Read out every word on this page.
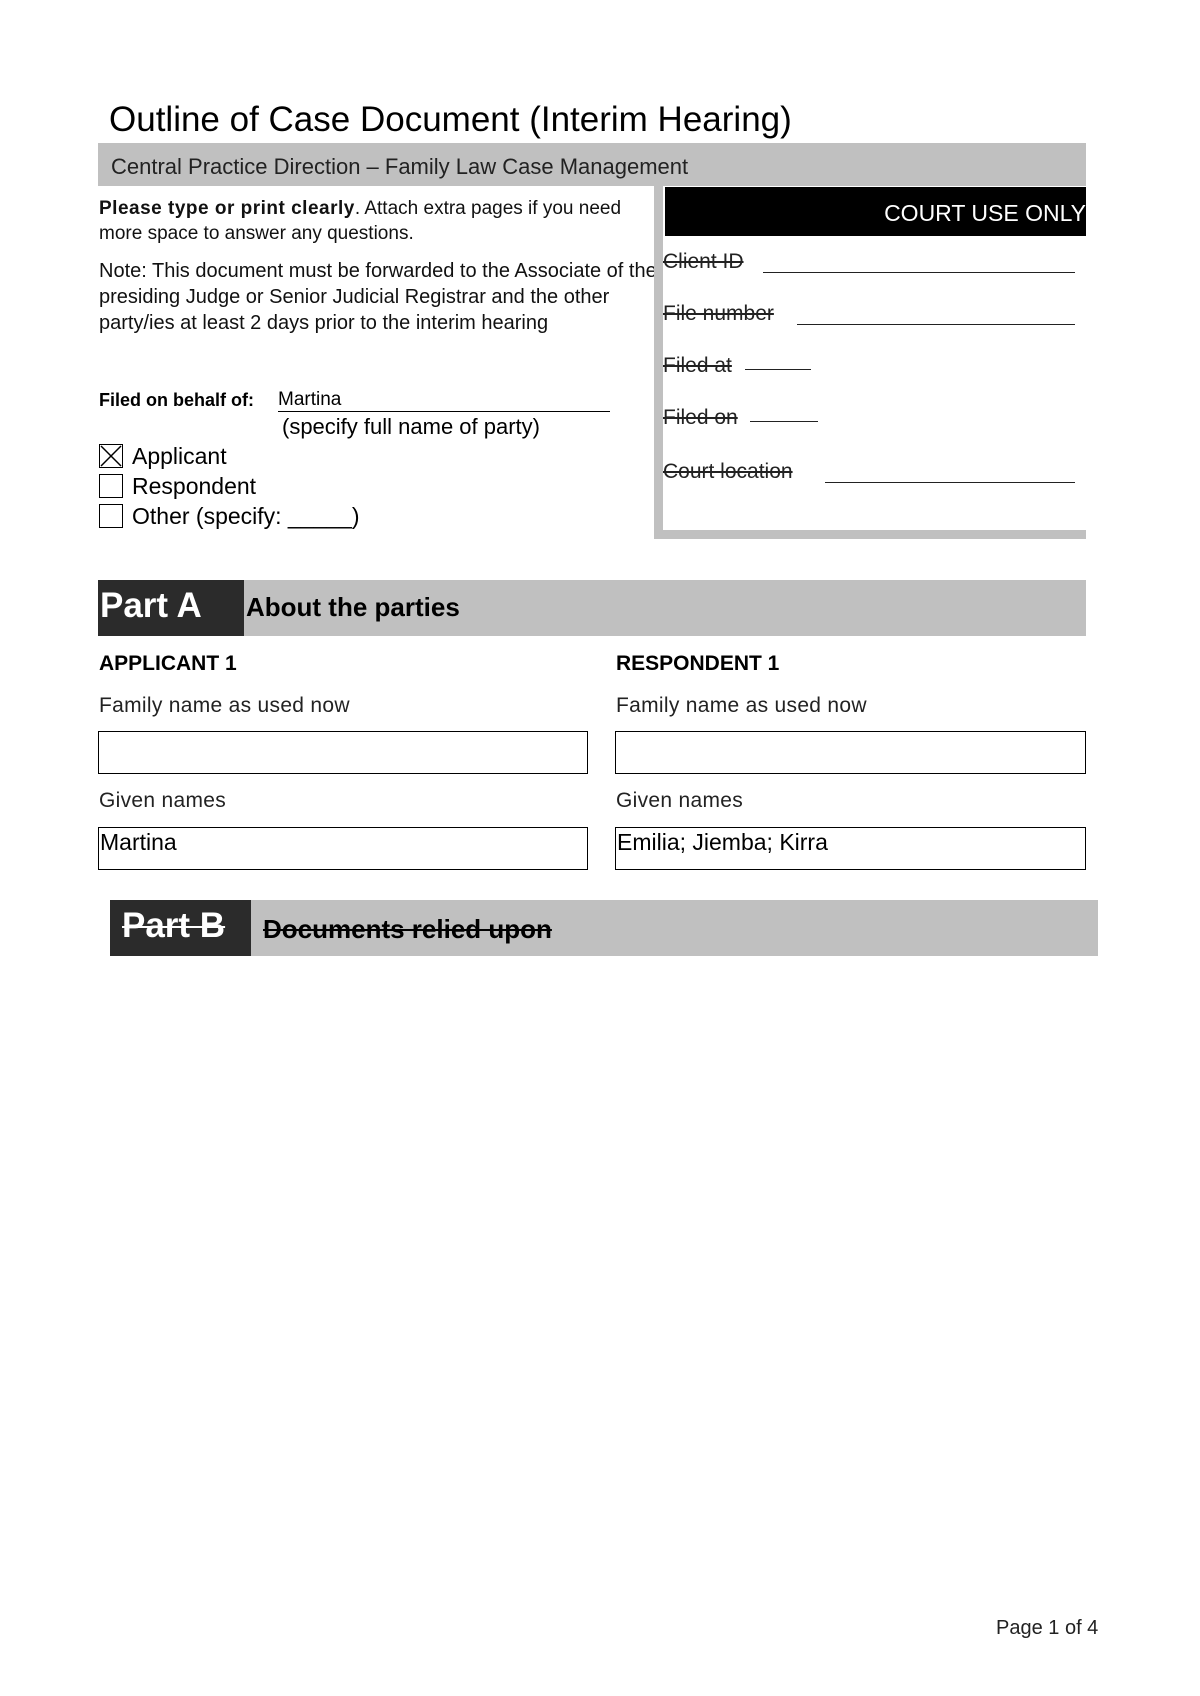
Outline of Case Document (Interim Hearing)
Central Practice Direction – Family Law Case Management
Please type or print clearly. Attach extra pages if you need more space to answer any questions.
Note: This document must be forwarded to the Associate of the presiding Judge or Senior Judicial Registrar and the other party/ies at least 2 days prior to the interim hearing
Filed on behalf of: Martina
(specify full name of party)
Applicant
Respondent
Other (specify: _____)
COURT USE ONLY
Client ID
File number
Filed at
Filed on
Court location
Part A About the parties
APPLICANT 1
Family name as used now
Given names
Martina
RESPONDENT 1
Family name as used now
Given names
Emilia; Jiemba; Kirra
Part B Documents relied upon
Page 1 of 4
